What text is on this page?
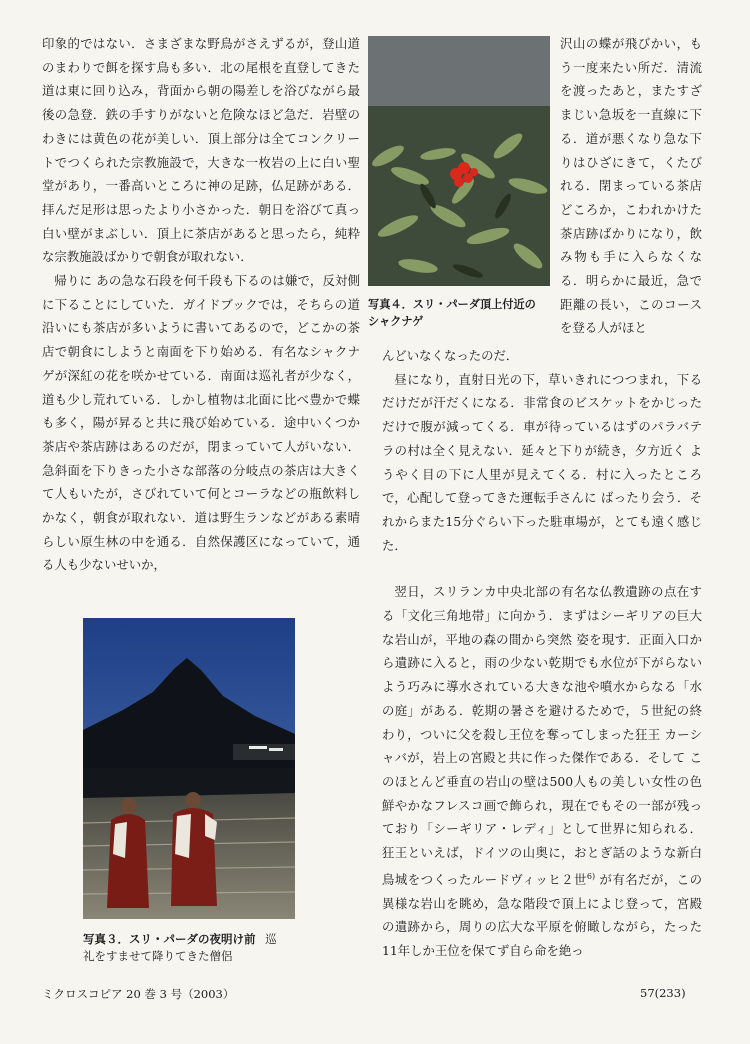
印象的ではない．さまざまな野鳥がさえずるが，登山道のまわりで餌を探す鳥も多い．北の尾根を直登してきた道は東に回り込み，背面から朝の陽差しを浴びながら最後の急登．鉄の手すりがないと危険なほど急だ．岩壁のわきには黄色の花が美しい．頂上部分は全てコンクリートでつくられた宗教施設で，大きな一枚岩の上に白い聖堂があり，一番高いところに神の足跡，仏足跡がある．拝んだ足形は思ったより小さかった．朝日を浴びて真っ白い壁がまぶしい．頂上に茶店があると思ったら，純粋な宗教施設ばかりで朝食が取れない．

帰りに あの急な石段を何千段も下るのは嫌で，反対側に下ることにしていた．ガイドブックでは，そちらの道沿いにも茶店が多いように書いてあるので，どこかの茶店で朝食にしようと南面を下り始める．有名なシャクナゲが深紅の花を咲かせている．南面は巡礼者が少なく，道も少し荒れている．しかし植物は北面に比べ豊かで蝶も多く，陽が昇ると共に飛び始めている．途中いくつか茶店や茶店跡はあるのだが，閉まっていて人がいない．急斜面を下りきった小さな部落の分岐点の茶店は大きくて人もいたが，さびれていて何とコーラなどの瓶飲料しかなく，朝食が取れない．道は野生ランなどがある素晴らしい原生林の中を通る．自然保護区になっていて，通る人も少ないせいか，

写真３．スリ・パーダの夜明け前 巡
礼をすませて降りてきた僧侶
写真４．スリ・パーダ頂上付近の
シャクナゲ

沢山の蝶が飛びかい，もう一度来たい所だ．清流を渡ったあと，またすざまじい急坂を一直線に下る．道が悪くなり急な下りはひざにきて，くたびれる．閉まっている茶店どころか，こわれかけた茶店跡ばかりになり，飲み物も手に入らなくなる．明らかに最近，急で距離の長い，このコースを登る人がほと

んどいなくなったのだ．

昼になり，直射日光の下，草いきれにつつまれ，下るだけだが汗だくになる．非常食のビスケットをかじっただけで腹が減ってくる．車が待っているはずのパラバテラの村は全く見えない．延々と下りが続き，夕方近く ようやく目の下に人里が見えてくる．村に入ったところで，心配して登ってきた運転手さんに ばったり会う．それからまた15分ぐらい下った駐車場が，とても遠く感じた．

翌日，スリランカ中央北部の有名な仏教遺跡の点在する「文化三角地帯」に向かう．まずはシーギリアの巨大な岩山が，平地の森の間から突然 姿を現す．正面入口から遺跡に入ると，雨の少ない乾期でも水位が下がらないよう巧みに導水されている大きな池や噴水からなる「水の庭」がある．乾期の暑さを避けるためで，５世紀の終わり，ついに父を殺し王位を奪ってしまった狂王 カーシャバが，岩上の宮殿と共に作った傑作である．そして このほとんど垂直の岩山の壁は500人もの美しい女性の色鮮やかなフレスコ画で飾られ，現在でもその一部が残っており「シーギリア・レディ」として世界に知られる．狂王といえば，ドイツの山奥に，おとぎ話のような新白鳥城をつくったルードヴィッヒ２世$^{6)}$ が有名だが，この異様な岩山を眺め，急な階段で頂上によじ登って，宮殿の遺跡から，周りの広大な平原を俯瞰しながら，たった 11年しか王位を保てず自ら命を絶っ

ミクロスコピア 20 巻 3 号（2003）	57(233)
